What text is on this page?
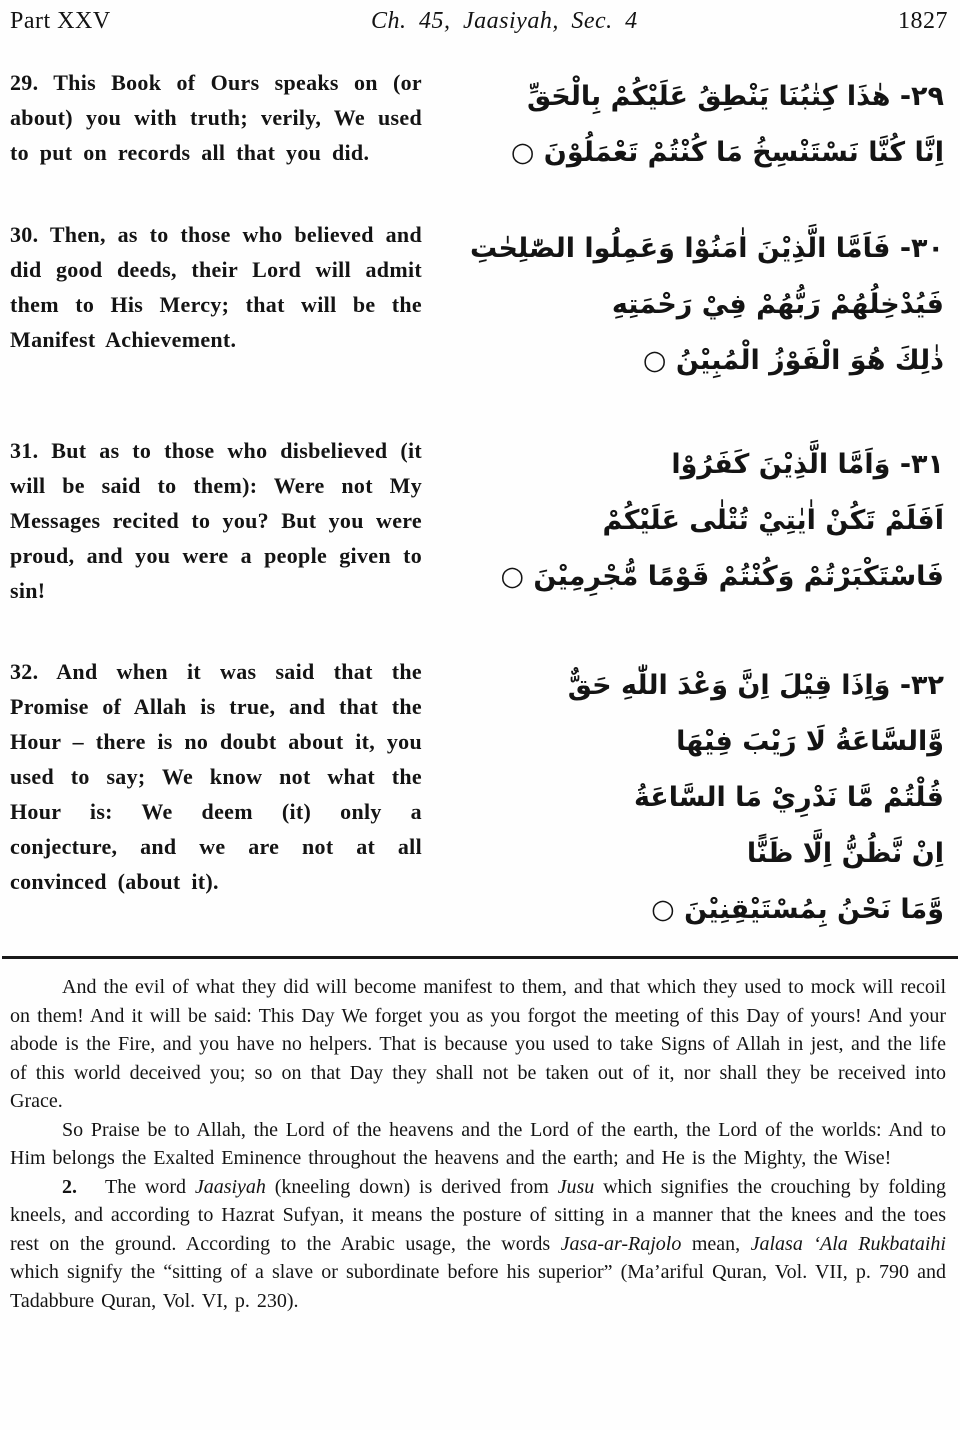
Part XXV	Ch. 45, Jaasiyah, Sec. 4	1827
29. This Book of Ours speaks on (or about) you with truth; verily, We used to put on records all that you did.
۲۹‏-‏ هٰذَا كِتٰبُنَا يَنْطِقُ عَلَيْكُمْ بِالْحَقِّ
اِنَّا كُنَّا نَسْتَنْسِخُ مَا كُنْتُمْ تَعْمَلُوْنَ ○
30. Then, as to those who believed and did good deeds, their Lord will admit them to His Mercy; that will be the Manifest Achievement.
۳۰‏-‏ فَاَمَّا الَّذِيْنَ اٰمَنُوْا وَعَمِلُوا الصّٰلِحٰتِ
فَيُدْخِلُهُمْ رَبُّهُمْ فِيْ رَحْمَتِهِ
ذٰلِكَ هُوَ الْفَوْزُ الْمُبِيْنُ ○
31. But as to those who disbelieved (it will be said to them): Were not My Messages recited to you? But you were proud, and you were a people given to sin!
۳۱‏-‏ وَاَمَّا الَّذِيْنَ كَفَرُوْا
اَفَلَمْ تَكُنْ اٰيٰتِيْ تُتْلٰى عَلَيْكُمْ
فَاسْتَكْبَرْتُمْ وَكُنْتُمْ قَوْمًا مُّجْرِمِيْنَ ○
32. And when it was said that the Promise of Allah is true, and that the Hour – there is no doubt about it, you used to say; We know not what the Hour is: We deem (it) only a conjecture, and we are not at all convinced (about it).
۳۲‏-‏ وَاِذَا قِيْلَ اِنَّ وَعْدَ اللّٰهِ حَقٌّ
وَّالسَّاعَةُ لَا رَيْبَ فِيْهَا
قُلْتُمْ مَّا نَدْرِيْ مَا السَّاعَةُ
اِنْ نَّظُنُّ اِلَّا ظَنًّا
وَّمَا نَحْنُ بِمُسْتَيْقِنِيْنَ ○

And the evil of what they did will become manifest to them, and that which they used to mock will recoil on them! And it will be said: This Day We forget you as you forgot the meeting of this Day of yours! And your abode is the Fire, and you have no helpers. That is because you used to take Signs of Allah in jest, and the life of this world deceived you; so on that Day they shall not be taken out of it, nor shall they be received into Grace.

So Praise be to Allah, the Lord of the heavens and the Lord of the earth, the Lord of the worlds: And to Him belongs the Exalted Eminence throughout the heavens and the earth; and He is the Mighty, the Wise!

2. The word Jaasiyah (kneeling down) is derived from Jusu which signifies the crouching by folding kneels, and according to Hazrat Sufyan, it means the posture of sitting in a manner that the knees and the toes rest on the ground. According to the Arabic usage, the words Jasa-ar-Rajolo mean, Jalasa ‘Ala Rukbataihi which signify the “sitting of a slave or subordinate before his superior” (Ma’ariful Quran, Vol. VII, p. 790 and Tadabbure Quran, Vol. VI, p. 230).
